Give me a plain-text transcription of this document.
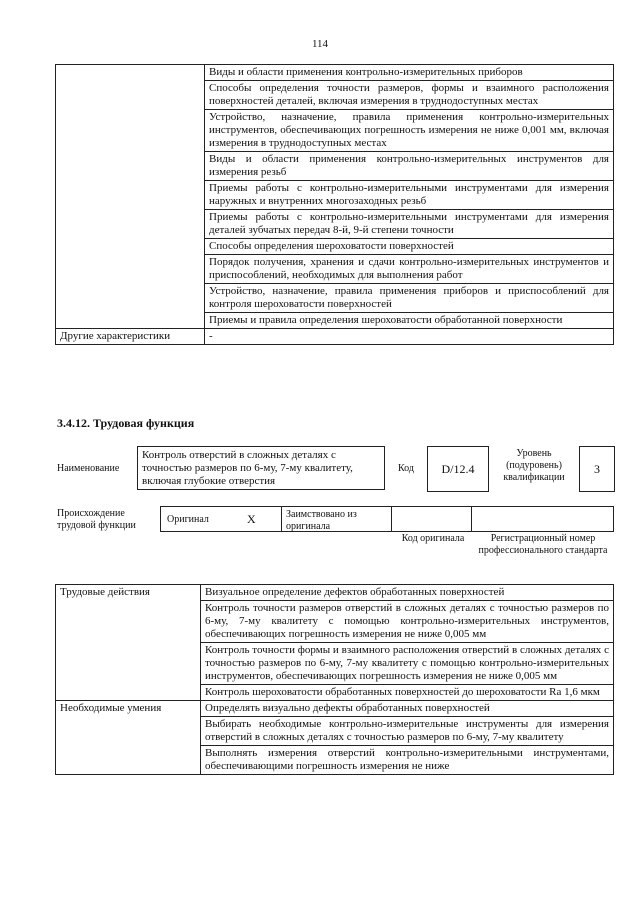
114
	Виды и области применения контрольно-измерительных приборов
	Способы определения точности размеров, формы и взаимного расположения поверхностей деталей, включая измерения в труднодоступных местах
	Устройство, назначение, правила применения контрольно-измерительных инструментов, обеспечивающих погрешность измерения не ниже 0,001 мм, включая измерения в труднодоступных местах
	Виды и области применения контрольно-измерительных инструментов для измерения резьб
	Приемы работы с контрольно-измерительными инструментами для измерения наружных и внутренних многозаходных резьб
	Приемы работы с контрольно-измерительными инструментами для измерения деталей зубчатых передач 8-й, 9-й степени точности
	Способы определения шероховатости поверхностей
	Порядок получения, хранения и сдачи контрольно-измерительных инструментов и приспособлений, необходимых для выполнения работ
	Устройство, назначение, правила применения приборов и приспособлений для контроля шероховатости поверхностей
	Приемы и правила определения шероховатости обработанной поверхности
Другие характеристики	-
3.4.12. Трудовая функция
Наименование
Контроль отверстий в сложных деталях с точностью размеров по 6-му, 7-му квалитету, включая глубокие отверстия
Код	D/12.4
Уровень (подуровень) квалификации
3
Происхождение трудовой функции
Оригинал	X	Заимствовано из оригинала
Код оригинала	Регистрационный номер профессионального стандарта
Трудовые действия	Визуальное определение дефектов обработанных поверхностей
	Контроль точности размеров отверстий в сложных деталях с точностью размеров по 6-му, 7-му квалитету с помощью контрольно-измерительных инструментов, обеспечивающих погрешность измерения не ниже 0,005 мм
	Контроль точности формы и взаимного расположения отверстий в сложных деталях с точностью размеров по 6-му, 7-му квалитету с помощью контрольно-измерительных инструментов, обеспечивающих погрешность измерения не ниже 0,005 мм
	Контроль шероховатости обработанных поверхностей до шероховатости Ra 1,6 мкм
Необходимые умения	Определять визуально дефекты обработанных поверхностей
	Выбирать необходимые контрольно-измерительные инструменты для измерения отверстий в сложных деталях с точностью размеров по 6-му, 7-му квалитету
	Выполнять измерения отверстий контрольно-измерительными инструментами, обеспечивающими погрешность измерения не ниже
